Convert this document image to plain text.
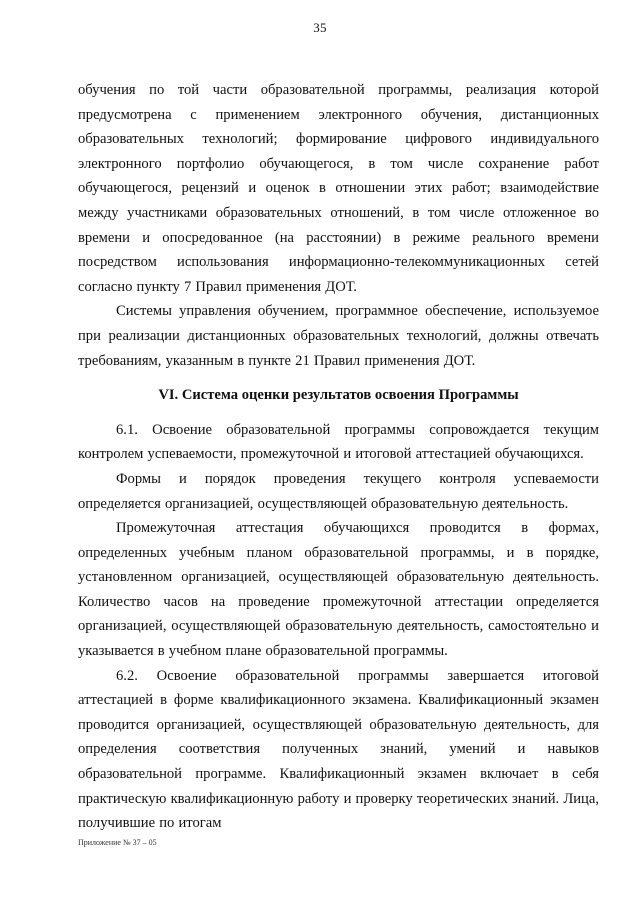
35

обучения по той части образовательной программы, реализация которой предусмотрена с применением электронного обучения, дистанционных образовательных технологий; формирование цифрового индивидуального электронного портфолио обучающегося, в том числе сохранение работ обучающегося, рецензий и оценок в отношении этих работ; взаимодействие между участниками образовательных отношений, в том числе отложенное во времени и опосредованное (на расстоянии) в режиме реального времени посредством использования информационно-телекоммуникационных сетей согласно пункту 7 Правил применения ДОТ.

Системы управления обучением, программное обеспечение, используемое при реализации дистанционных образовательных технологий, должны отвечать требованиям, указанным в пункте 21 Правил применения ДОТ.

VI. Система оценки результатов освоения Программы

6.1. Освоение образовательной программы сопровождается текущим контролем успеваемости, промежуточной и итоговой аттестацией обучающихся.

Формы и порядок проведения текущего контроля успеваемости определяется организацией, осуществляющей образовательную деятельность.

Промежуточная аттестация обучающихся проводится в формах, определенных учебным планом образовательной программы, и в порядке, установленном организацией, осуществляющей образовательную деятельность. Количество часов на проведение промежуточной аттестации определяется организацией, осуществляющей образовательную деятельность, самостоятельно и указывается в учебном плане образовательной программы.

6.2. Освоение образовательной программы завершается итоговой аттестацией в форме квалификационного экзамена. Квалификационный экзамен проводится организацией, осуществляющей образовательную деятельность, для определения соответствия полученных знаний, умений и навыков образовательной программе. Квалификационный экзамен включает в себя практическую квалификационную работу и проверку теоретических знаний. Лица, получившие по итогам

Приложение № 37 – 05
